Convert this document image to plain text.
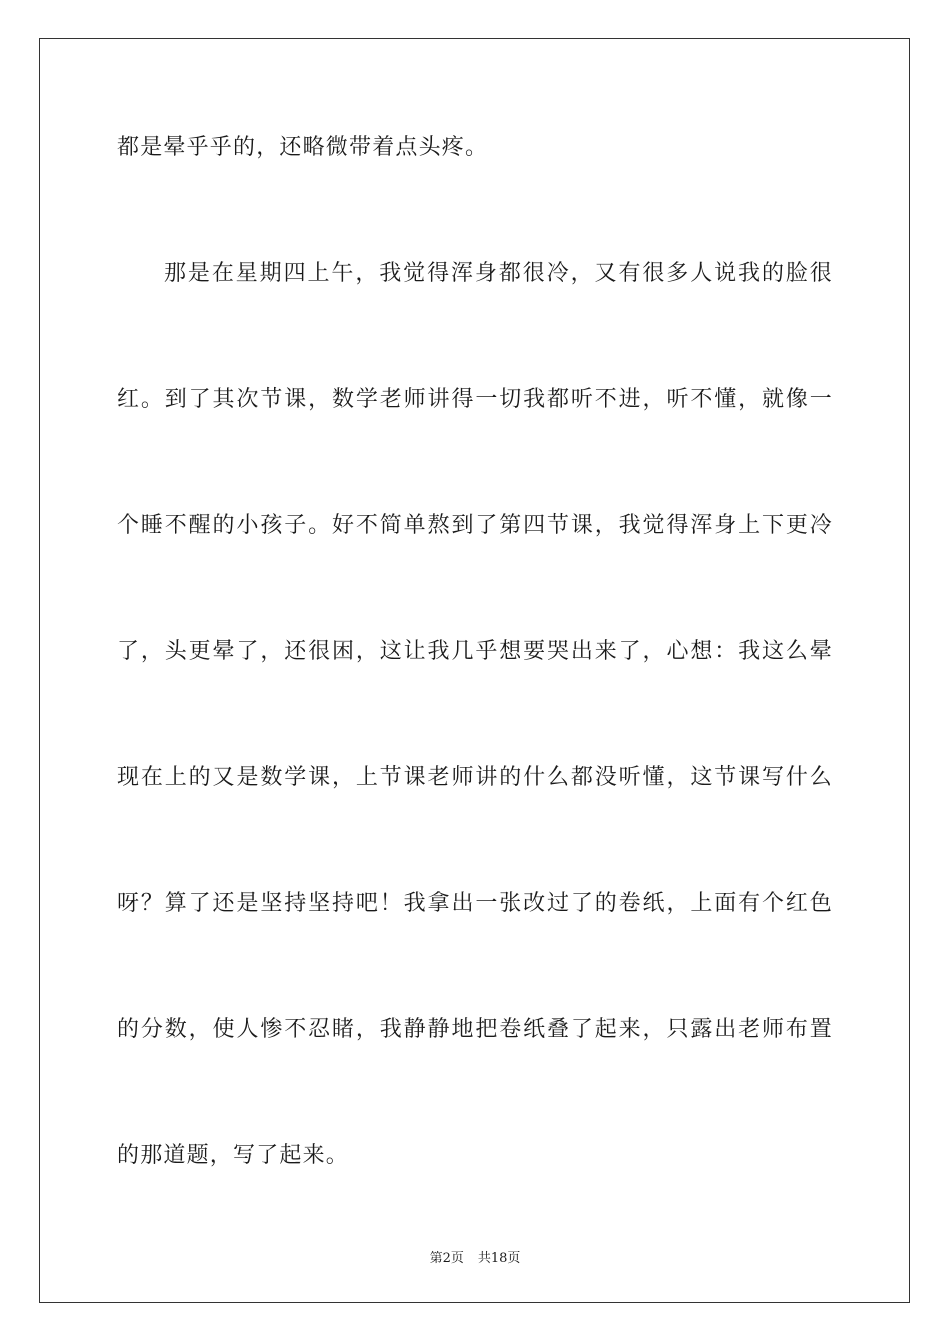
都是晕乎乎的，还略微带着点头疼。
那是在星期四上午，我觉得浑身都很冷，又有很多人说我的脸很
红。到了其次节课，数学老师讲得一切我都听不进，听不懂，就像一
个睡不醒的小孩子。好不简单熬到了第四节课，我觉得浑身上下更冷
了，头更晕了，还很困，这让我几乎想要哭出来了，心想：我这么晕
现在上的又是数学课，上节课老师讲的什么都没听懂，这节课写什么
呀？算了还是坚持坚持吧！我拿出一张改过了的卷纸，上面有个红色
的分数，使人惨不忍睹，我静静地把卷纸叠了起来，只露出老师布置
的那道题，写了起来。
第2页 共18页
